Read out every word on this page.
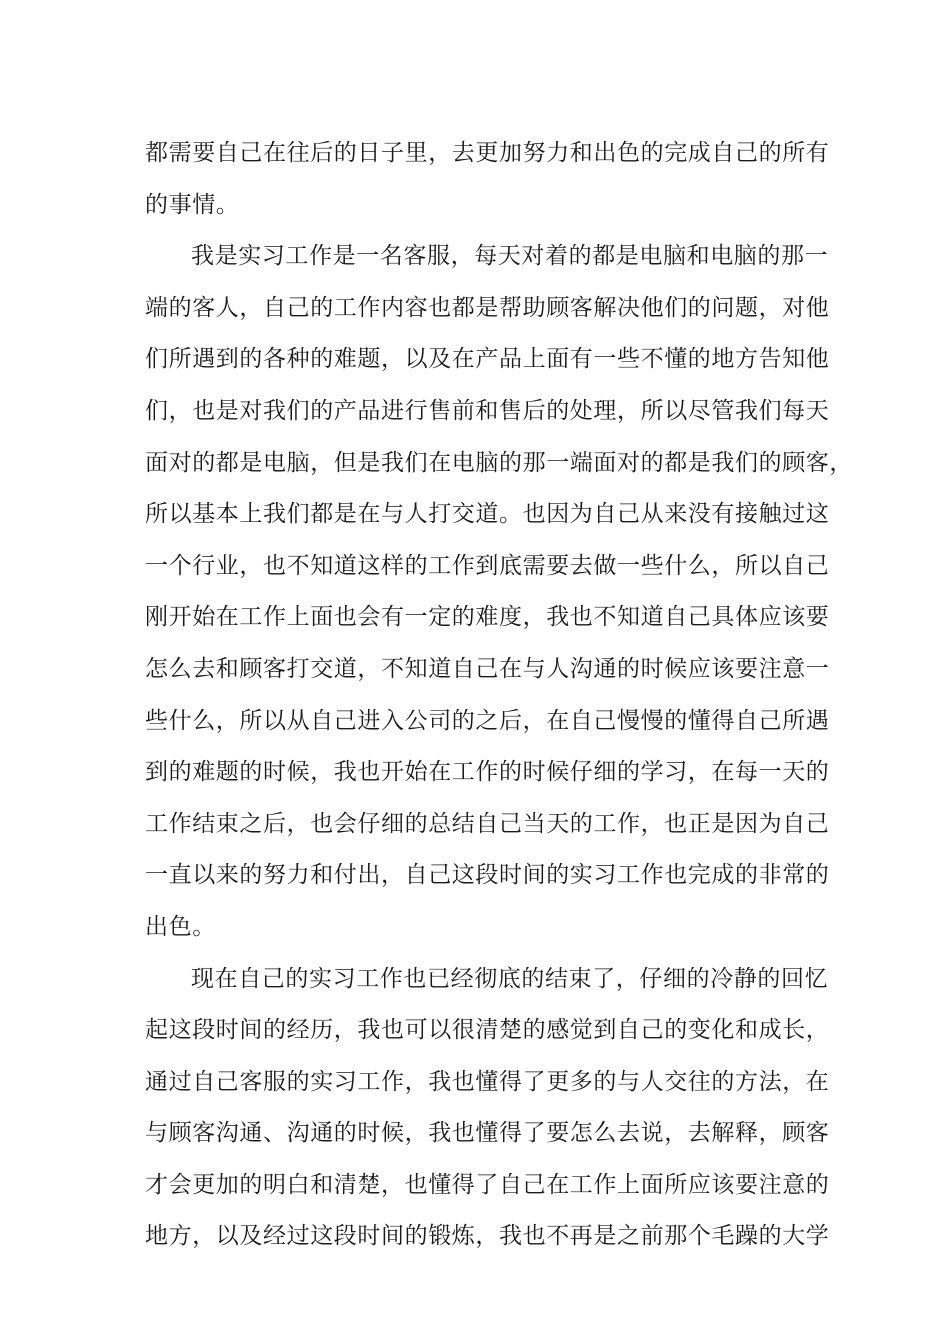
都需要自己在往后的日子里，去更加努力和出色的完成自己的所有
的事情。
我是实习工作是一名客服，每天对着的都是电脑和电脑的那一
端的客人，自己的工作内容也都是帮助顾客解决他们的问题，对他
们所遇到的各种的难题，以及在产品上面有一些不懂的地方告知他
们，也是对我们的产品进行售前和售后的处理，所以尽管我们每天
面对的都是电脑，但是我们在电脑的那一端面对的都是我们的顾客，
所以基本上我们都是在与人打交道。也因为自己从来没有接触过这
一个行业，也不知道这样的工作到底需要去做一些什么，所以自己
刚开始在工作上面也会有一定的难度，我也不知道自己具体应该要
怎么去和顾客打交道，不知道自己在与人沟通的时候应该要注意一
些什么，所以从自己进入公司的之后，在自己慢慢的懂得自己所遇
到的难题的时候，我也开始在工作的时候仔细的学习，在每一天的
工作结束之后，也会仔细的总结自己当天的工作，也正是因为自己
一直以来的努力和付出，自己这段时间的实习工作也完成的非常的
出色。
现在自己的实习工作也已经彻底的结束了，仔细的冷静的回忆
起这段时间的经历，我也可以很清楚的感觉到自己的变化和成长，
通过自己客服的实习工作，我也懂得了更多的与人交往的方法，在
与顾客沟通、沟通的时候，我也懂得了要怎么去说，去解释，顾客
才会更加的明白和清楚，也懂得了自己在工作上面所应该要注意的
地方，以及经过这段时间的锻炼，我也不再是之前那个毛躁的大学
